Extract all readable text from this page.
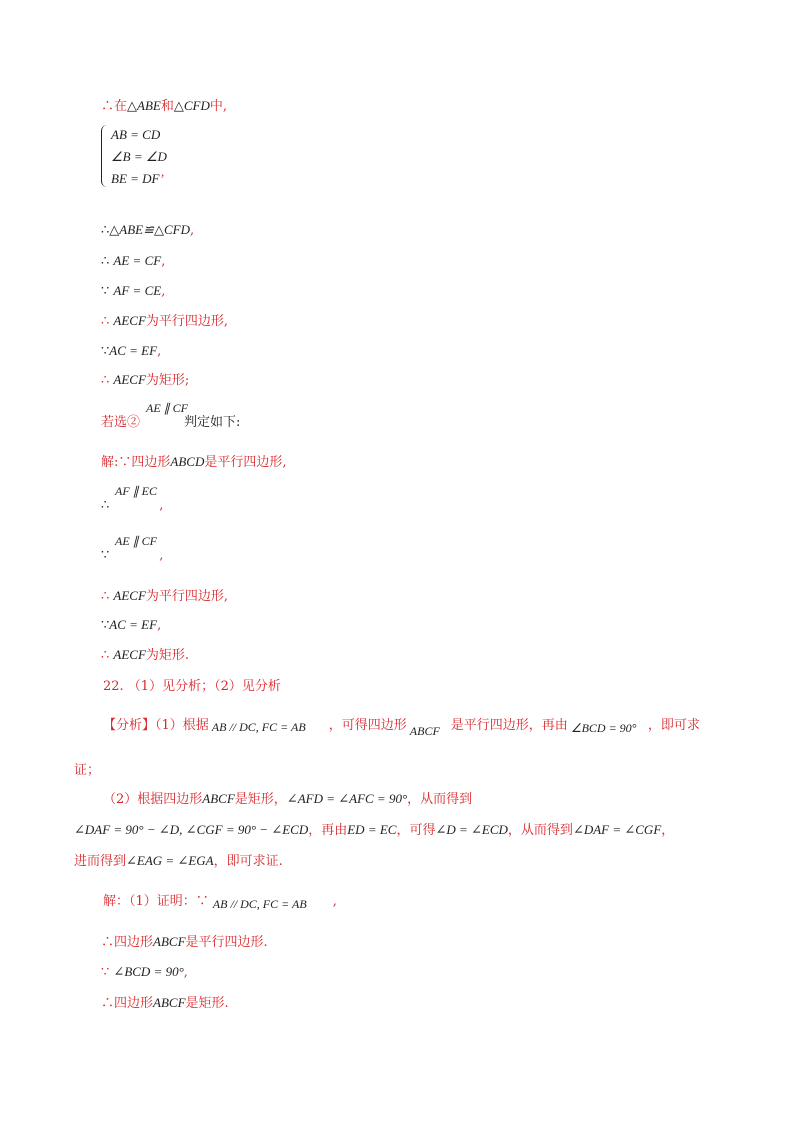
∴在△ABE和△CFD中,
AB = CD
∠B = ∠D
BE = DF’
∴△ABE≌△CFD,
∴ AE = CF,
∵ AF = CE,
∴ AECF为平行四边形,
∵AC = EF,
∴ AECF为矩形;
AE ∥ CF
若选②	判定如下:
解:∵四边形ABCD是平行四边形,
AF ∥ EC
∴	,
AE ∥ CF
∵	,
∴ AECF为平行四边形,
∵AC = EF,
∴ AECF为矩形.
22. （1）见分析；（2）见分析
【分析】（1）根据 AB // DC, FC = AB ，可得四边形 ABCF 是平行四边形，再由 ∠BCD = 90° ，即可求
证；
（2）根据四边形ABCF是矩形，∠AFD = ∠AFC = 90°，从而得到
∠DAF = 90° − ∠D, ∠CGF = 90° − ∠ECD，再由ED = EC，可得∠D = ∠ECD，从而得到∠DAF = ∠CGF，
进而得到∠EAG = ∠EGA，即可求证.
解：（1）证明：∵ AB // DC, FC = AB ,
∴四边形ABCF是平行四边形.
∵ ∠BCD = 90°,
∴四边形ABCF是矩形.
